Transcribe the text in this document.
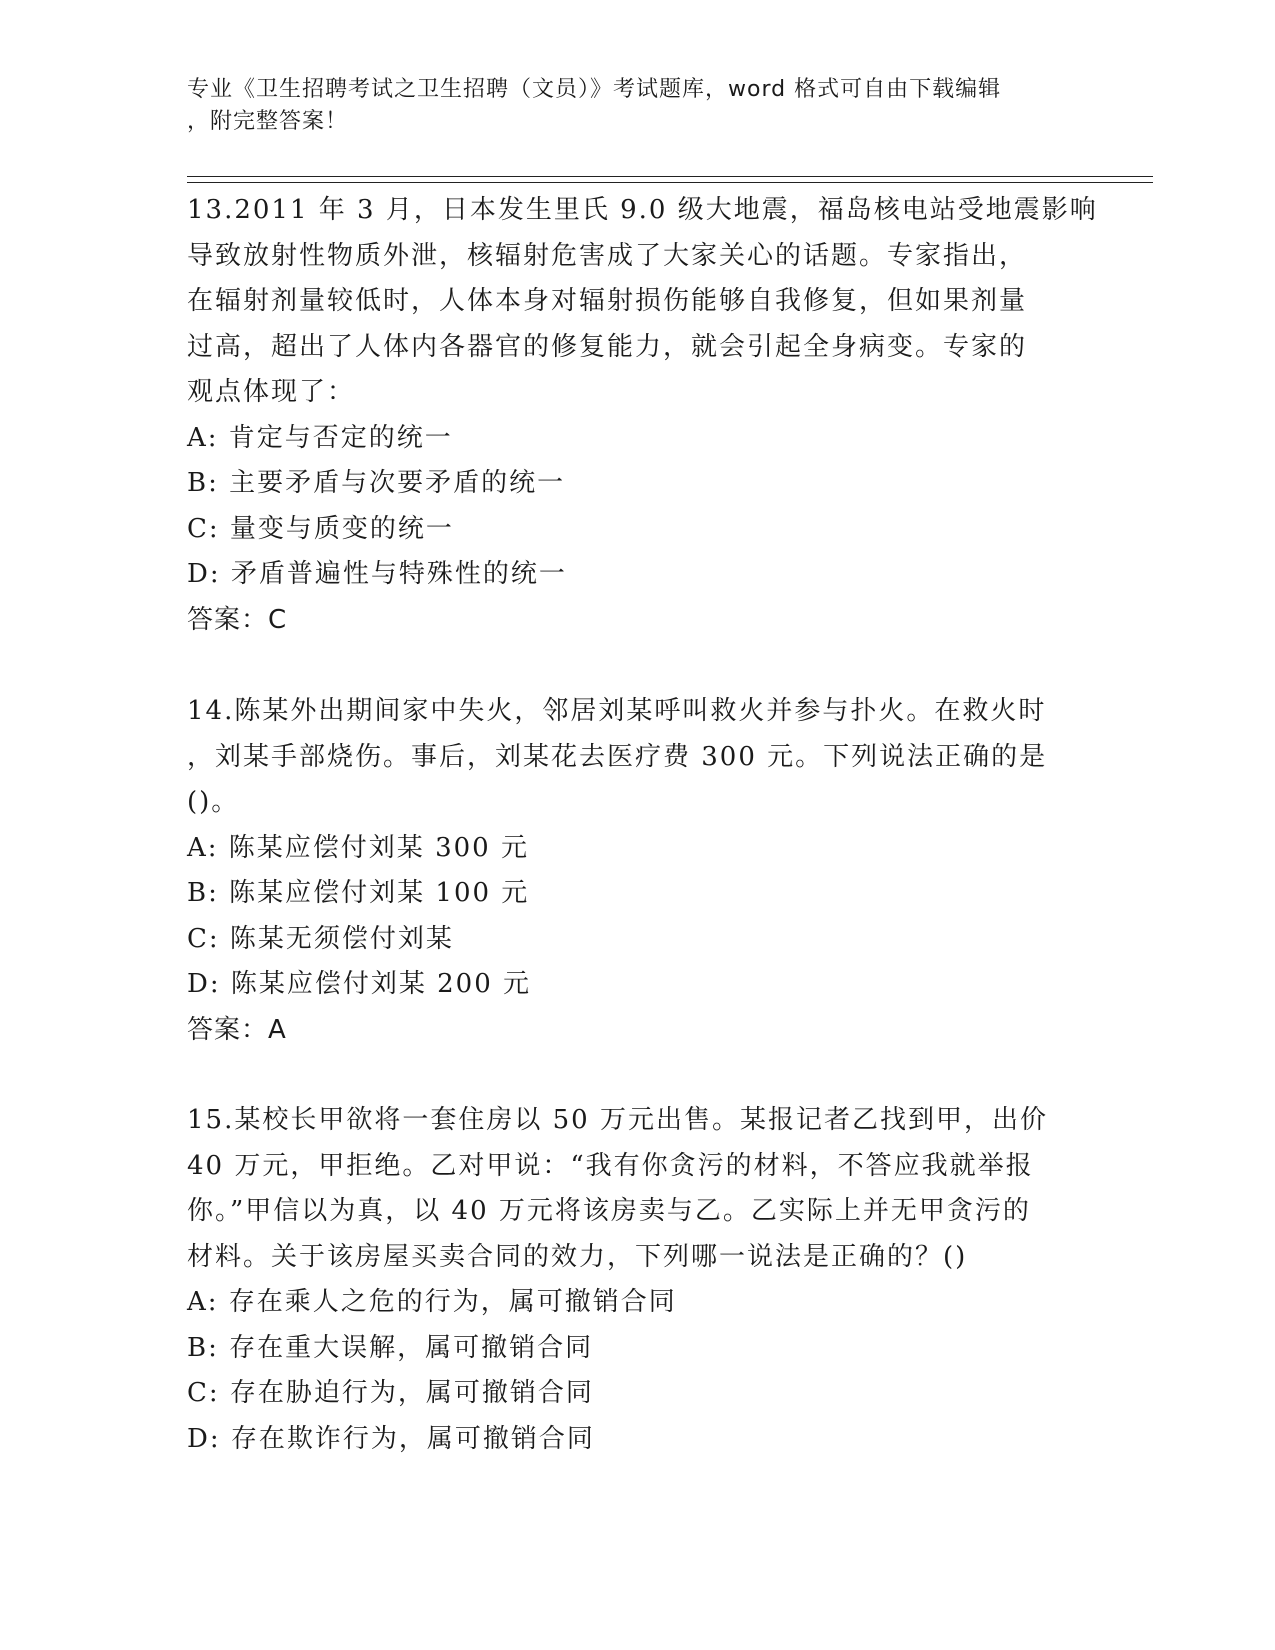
专业《卫生招聘考试之卫生招聘（文员）》考试题库，word 格式可自由下载编辑
，附完整答案！
13.2011 年 3 月，日本发生里氏 9.0 级大地震，福岛核电站受地震影响
导致放射性物质外泄，核辐射危害成了大家关心的话题。专家指出，
在辐射剂量较低时，人体本身对辐射损伤能够自我修复，但如果剂量
过高，超出了人体内各器官的修复能力，就会引起全身病变。专家的
观点体现了：
A: 肯定与否定的统一
B: 主要矛盾与次要矛盾的统一
C: 量变与质变的统一
D: 矛盾普遍性与特殊性的统一
答案：C
14.陈某外出期间家中失火，邻居刘某呼叫救火并参与扑火。在救火时
，刘某手部烧伤。事后，刘某花去医疗费 300 元。下列说法正确的是
()。
A: 陈某应偿付刘某 300 元
B: 陈某应偿付刘某 100 元
C: 陈某无须偿付刘某
D: 陈某应偿付刘某 200 元
答案：A
15.某校长甲欲将一套住房以 50 万元出售。某报记者乙找到甲，出价
40 万元，甲拒绝。乙对甲说：“我有你贪污的材料，不答应我就举报
你。”甲信以为真，以 40 万元将该房卖与乙。乙实际上并无甲贪污的
材料。关于该房屋买卖合同的效力，下列哪一说法是正确的？()
A: 存在乘人之危的行为，属可撤销合同
B: 存在重大误解，属可撤销合同
C: 存在胁迫行为，属可撤销合同
D: 存在欺诈行为，属可撤销合同
